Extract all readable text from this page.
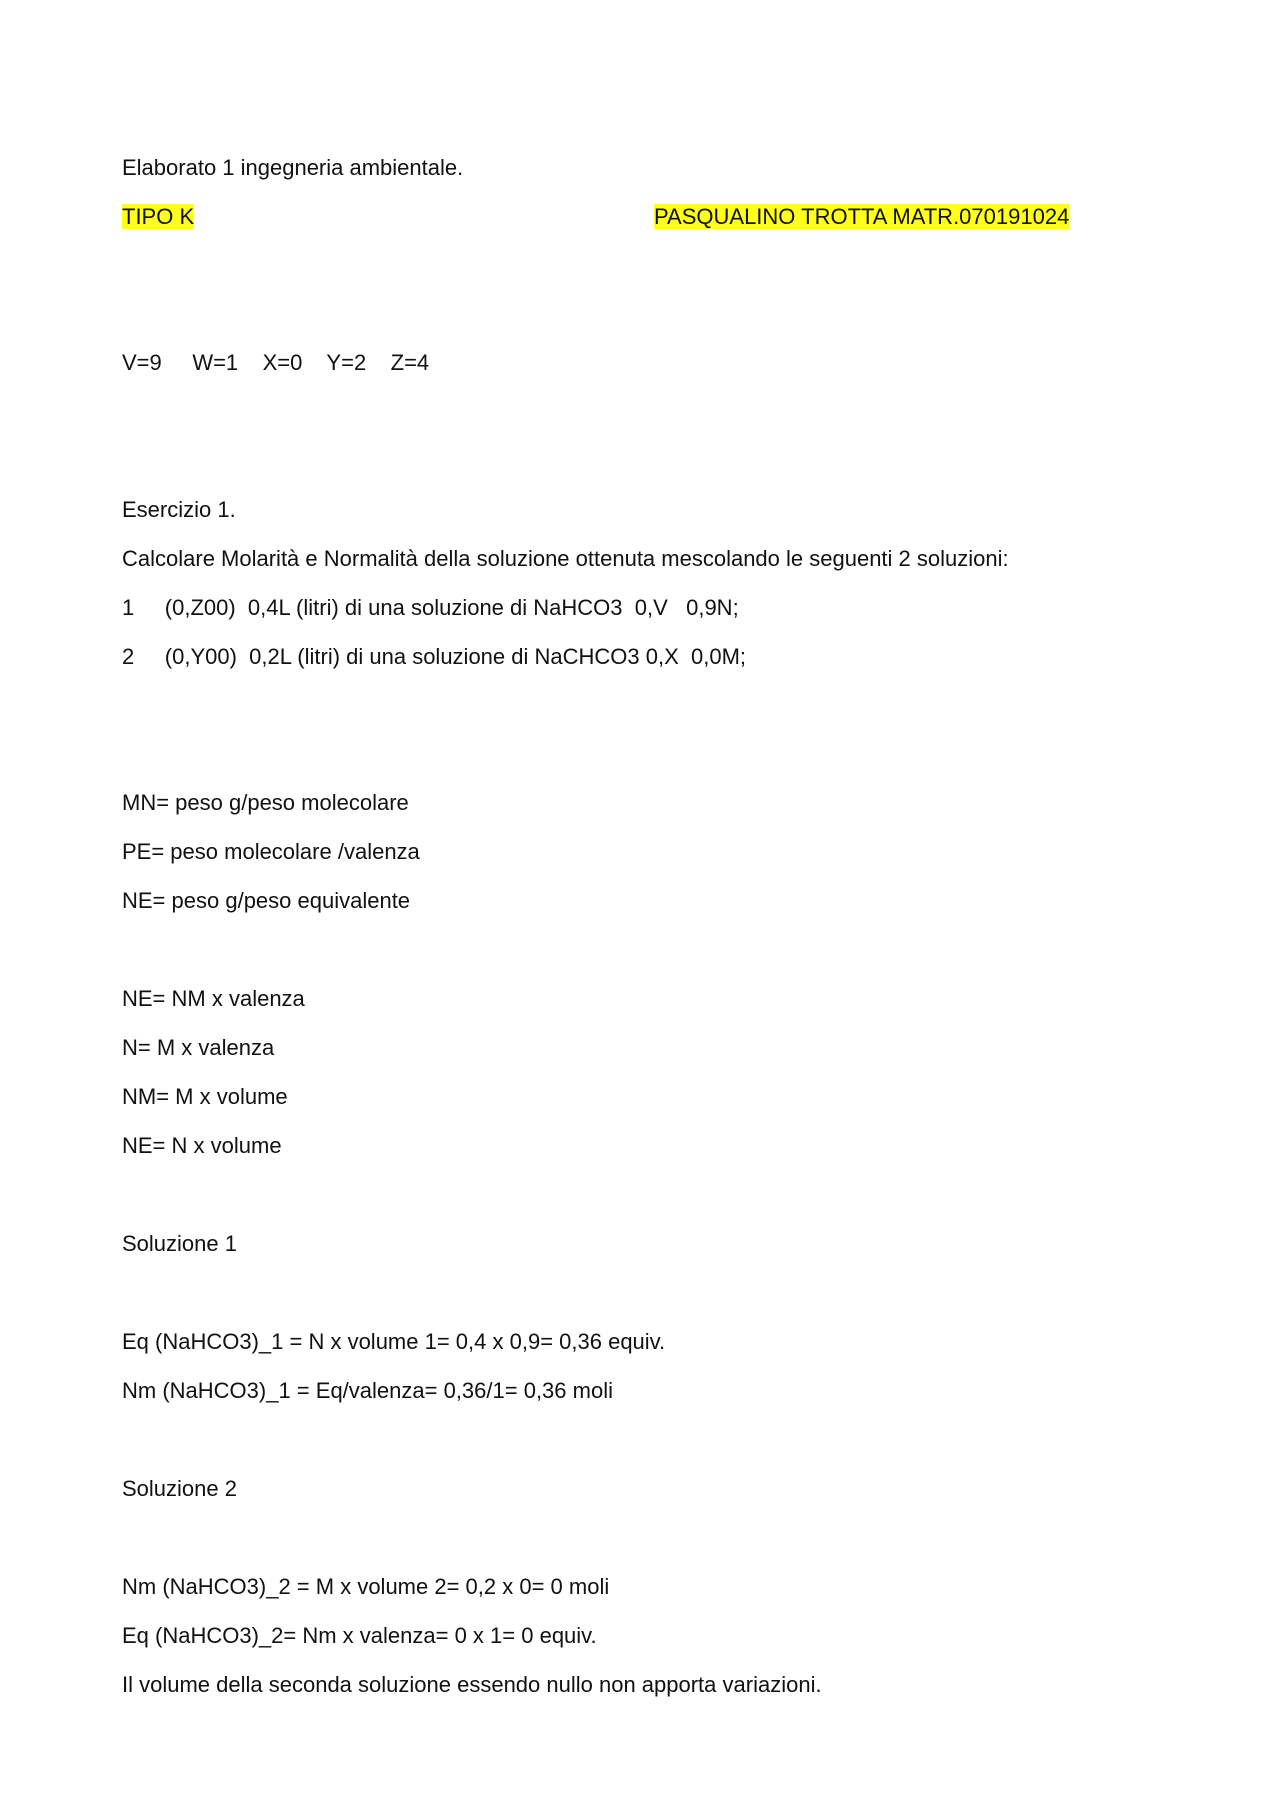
Elaborato 1 ingegneria ambientale.
TIPO K	PASQUALINO TROTTA MATR.070191024
V=9     W=1    X=0    Y=2    Z=4
Esercizio 1.
Calcolare Molarità e Normalità della soluzione ottenuta mescolando le seguenti 2 soluzioni:
1     (0,Z00)  0,4L (litri) di una soluzione di NaHCO3  0,V   0,9N;
2     (0,Y00)  0,2L (litri) di una soluzione di NaCHCO3 0,X  0,0M;
MN= peso g/peso molecolare
PE= peso molecolare /valenza
NE= peso g/peso equivalente
NE= NM x valenza
N= M x valenza
NM= M x volume
NE= N x volume
Soluzione 1
Eq (NaHCO3)_1 = N x volume 1= 0,4 x 0,9= 0,36 equiv.
Nm (NaHCO3)_1 = Eq/valenza= 0,36/1= 0,36 moli
Soluzione 2
Nm (NaHCO3)_2 = M x volume 2= 0,2 x 0= 0 moli
Eq (NaHCO3)_2= Nm x valenza= 0 x 1= 0 equiv.
Il volume della seconda soluzione essendo nullo non apporta variazioni.
